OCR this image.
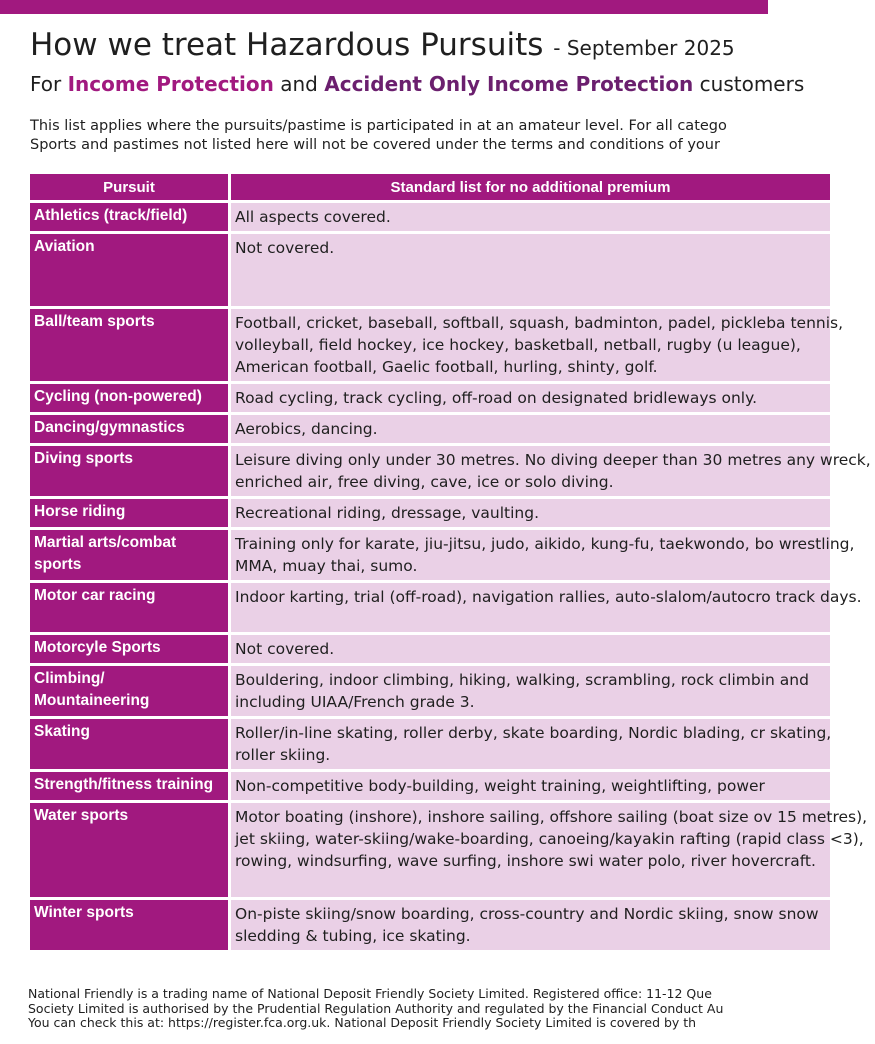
How we treat Hazardous Pursuits - September 2025
For Income Protection and Accident Only Income Protection customers
This list applies where the pursuits/pastime is participated in at an amateur level. For all catego
Sports and pastimes not listed here will not be covered under the terms and conditions of your
Pursuit	Standard list for no additional premium
Athletics (track/field)	All aspects covered.

Aviation	Not covered.

Ball/team sports	Football, cricket, baseball, softball, squash, badminton, padel, pickleba tennis, volleyball, field hockey, ice hockey, basketball, netball, rugby (u league), American football, Gaelic football, hurling, shinty, golf.

Cycling (non-powered)	Road cycling, track cycling, off-road on designated bridleways only.

Dancing/gymnastics	Aerobics, dancing.

Diving sports	Leisure diving only under 30 metres. No diving deeper than 30 metres any wreck, enriched air, free diving, cave, ice or solo diving.

Horse riding	Recreational riding, dressage, vaulting.

Martial arts/combat sports	Training only for karate, jiu-jitsu, judo, aikido, kung-fu, taekwondo, bo wrestling, MMA, muay thai, sumo.

Motor car racing	Indoor karting, trial (off-road), navigation rallies, auto-slalom/autocro track days.

Motorcyle Sports	Not covered.

Climbing/ Mountaineering	Bouldering, indoor climbing, hiking, walking, scrambling, rock climbin and including UIAA/French grade 3.

Skating	Roller/in-line skating, roller derby, skate boarding, Nordic blading, cr skating, roller skiing.

Strength/fitness training	Non-competitive body-building, weight training, weightlifting, power

Water sports	Motor boating (inshore), inshore sailing, offshore sailing (boat size ov 15 metres), jet skiing, water-skiing/wake-boarding, canoeing/kayakin rafting (rapid class <3), rowing, windsurfing, wave surfing, inshore swi water polo, river hovercraft.

Winter sports	On-piste skiing/snow boarding, cross-country and Nordic skiing, snow snow sledding & tubing, ice skating.
National Friendly is a trading name of National Deposit Friendly Society Limited. Registered office: 11-12 Que
Society Limited is authorised by the Prudential Regulation Authority and regulated by the Financial Conduct Au
You can check this at: https://register.fca.org.uk. National Deposit Friendly Society Limited is covered by th
